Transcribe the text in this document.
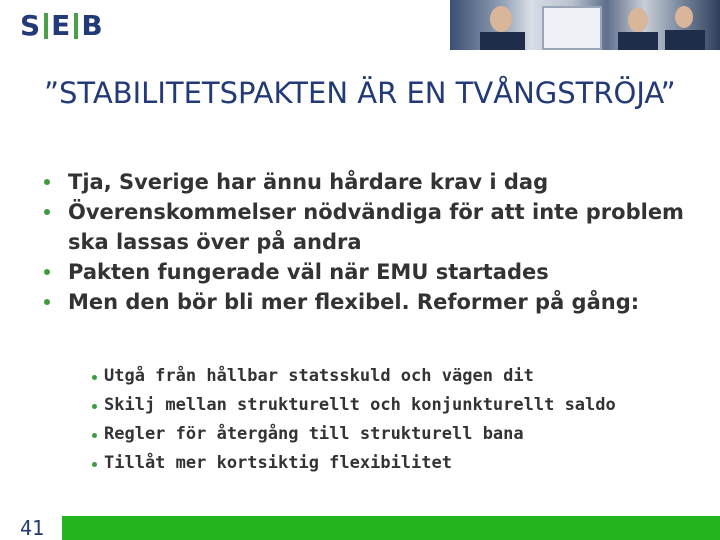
S E B
”STABILITETSPAKTEN ÄR EN TVÅNGSTRÖJA”
Tja, Sverige har ännu hårdare krav i dag
Överenskommelser nödvändiga för att inte problem ska lassas över på andra
Pakten fungerade väl när EMU startades
Men den bör bli mer flexibel. Reformer på gång:
Utgå från hållbar statsskuld och vägen dit
Skilj mellan strukturellt och konjunkturellt saldo
Regler för återgång till strukturell bana
Tillåt mer kortsiktig flexibilitet
41
